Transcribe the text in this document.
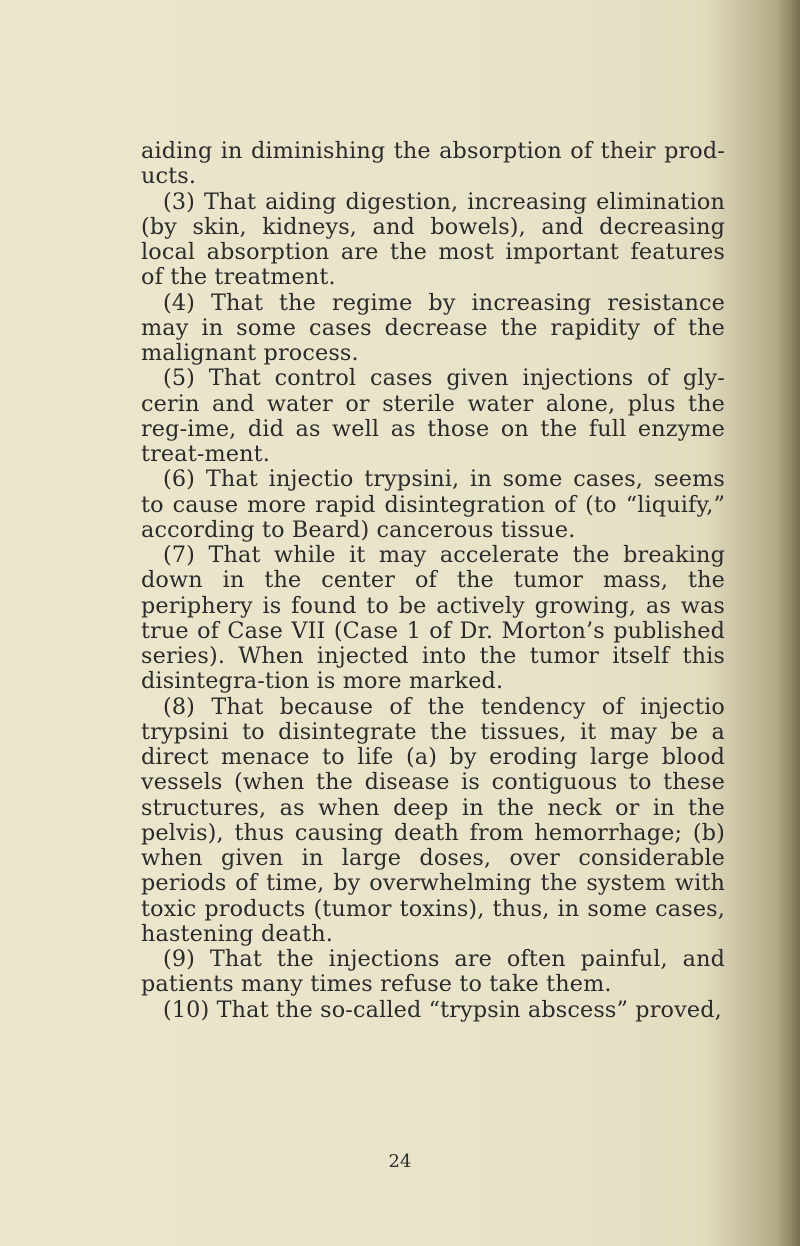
aiding in diminishing the absorption of their prod-ucts.

(3) That aiding digestion, increasing elimination (by skin, kidneys, and bowels), and decreasing local absorption are the most important features of the treatment.

(4) That the regime by increasing resistance may in some cases decrease the rapidity of the malignant process.

(5) That control cases given injections of gly-cerin and water or sterile water alone, plus the reg-ime, did as well as those on the full enzyme treat-ment.

(6) That injectio trypsini, in some cases, seems to cause more rapid disintegration of (to “liquify,” according to Beard) cancerous tissue.

(7) That while it may accelerate the breaking down in the center of the tumor mass, the periphery is found to be actively growing, as was true of Case VII (Case 1 of Dr. Morton’s published series). When injected into the tumor itself this disintegra-tion is more marked.

(8) That because of the tendency of injectio trypsini to disintegrate the tissues, it may be a direct menace to life (a) by eroding large blood vessels (when the disease is contiguous to these structures, as when deep in the neck or in the pelvis), thus causing death from hemorrhage; (b) when given in large doses, over considerable periods of time, by overwhelming the system with toxic products (tumor toxins), thus, in some cases, hastening death.

(9) That the injections are often painful, and patients many times refuse to take them.

(10) That the so-called “trypsin abscess” proved,

24
